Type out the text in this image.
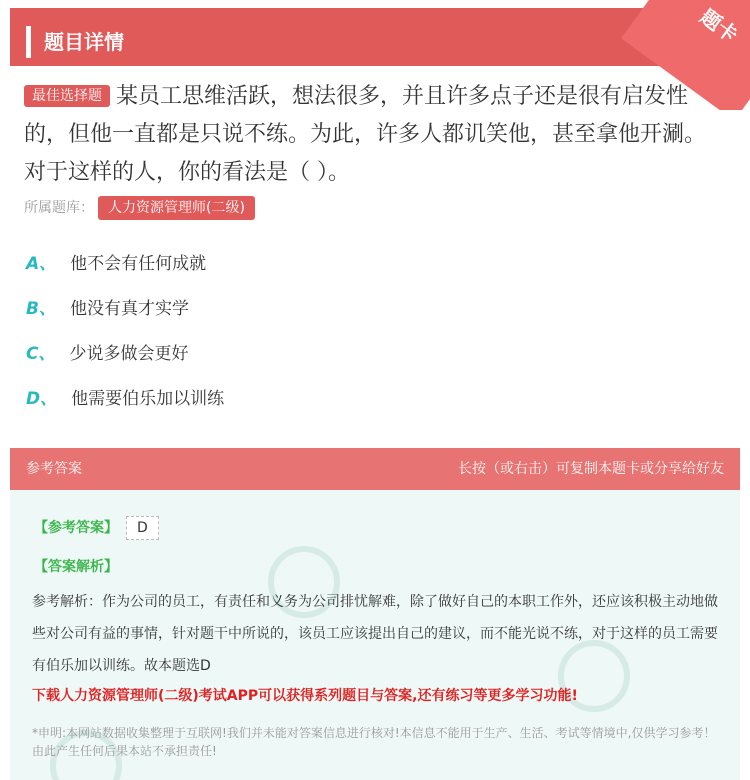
题目详情	题卡
最佳选择题 某员工思维活跃，想法很多，并且许多点子还是很有启发性的，但他一直都是只说不练。为此，许多人都讥笑他，甚至拿他开涮。对于这样的人，你的看法是（ ）。
所属题库： 人力资源管理师(二级)
A、 他不会有任何成就
B、 他没有真才实学
C、 少说多做会更好
D、 他需要伯乐加以训练
参考答案	长按（或右击）可复制本题卡或分享给好友
【参考答案】 D
【答案解析】
参考解析：作为公司的员工，有责任和义务为公司排忧解难，除了做好自己的本职工作外，还应该积极主动地做些对公司有益的事情，针对题干中所说的，该员工应该提出自己的建议，而不能光说不练，对于这样的员工需要有伯乐加以训练。故本题选D
下载人力资源管理师(二级)考试APP可以获得系列题目与答案,还有练习等更多学习功能!
*申明:本网站数据收集整理于互联网!我们并未能对答案信息进行核对!本信息不能用于生产、生活、考试等情境中,仅供学习参考！由此产生任何后果本站不承担责任!
